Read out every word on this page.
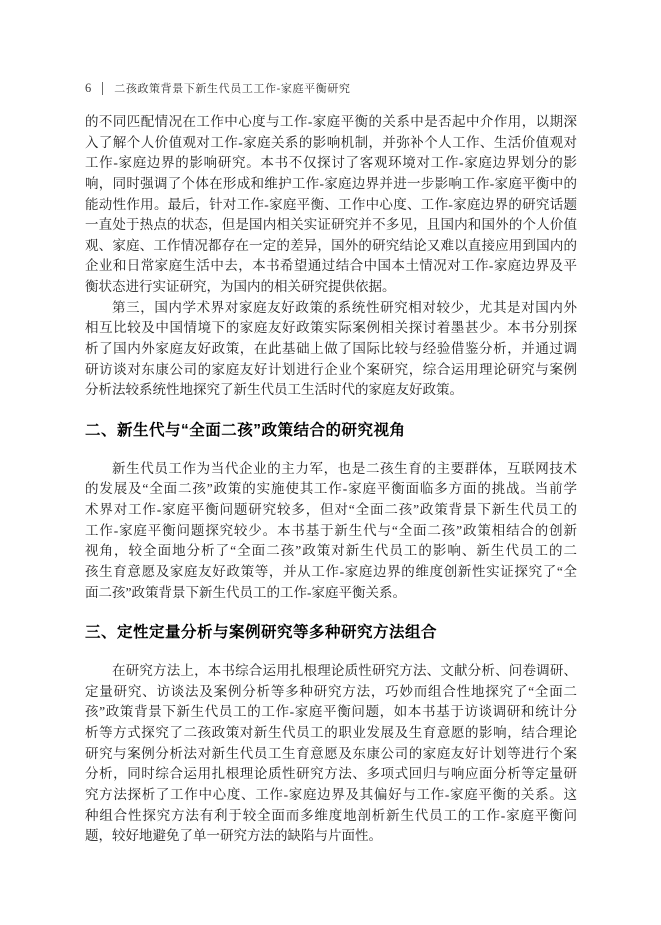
6 二孩政策背景下新生代员工工作-家庭平衡研究

的不同匹配情况在工作中心度与工作-家庭平衡的关系中是否起中介作用，以期深
入了解个人价值观对工作-家庭关系的影响机制，并弥补个人工作、生活价值观对
工作-家庭边界的影响研究。本书不仅探讨了客观环境对工作-家庭边界划分的影
响，同时强调了个体在形成和维护工作-家庭边界并进一步影响工作-家庭平衡中的
能动性作用。最后，针对工作-家庭平衡、工作中心度、工作-家庭边界的研究话题
一直处于热点的状态，但是国内相关实证研究并不多见，且国内和国外的个人价值
观、家庭、工作情况都存在一定的差异，国外的研究结论又难以直接应用到国内的
企业和日常家庭生活中去，本书希望通过结合中国本土情况对工作-家庭边界及平
衡状态进行实证研究，为国内的相关研究提供依据。

第三，国内学术界对家庭友好政策的系统性研究相对较少，尤其是对国内外
相互比较及中国情境下的家庭友好政策实际案例相关探讨着墨甚少。本书分别探
析了国内外家庭友好政策，在此基础上做了国际比较与经验借鉴分析，并通过调
研访谈对东康公司的家庭友好计划进行企业个案研究，综合运用理论研究与案例
分析法较系统性地探究了新生代员工生活时代的家庭友好政策。

二、新生代与“全面二孩”政策结合的研究视角

新生代员工作为当代企业的主力军，也是二孩生育的主要群体，互联网技术
的发展及“全面二孩”政策的实施使其工作-家庭平衡面临多方面的挑战。当前学
术界对工作-家庭平衡问题研究较多，但对“全面二孩”政策背景下新生代员工的
工作-家庭平衡问题探究较少。本书基于新生代与“全面二孩”政策相结合的创新
视角，较全面地分析了“全面二孩”政策对新生代员工的影响、新生代员工的二
孩生育意愿及家庭友好政策等，并从工作-家庭边界的维度创新性实证探究了“全
面二孩”政策背景下新生代员工的工作-家庭平衡关系。

三、定性定量分析与案例研究等多种研究方法组合

在研究方法上，本书综合运用扎根理论质性研究方法、文献分析、问卷调研、
定量研究、访谈法及案例分析等多种研究方法，巧妙而组合性地探究了“全面二
孩”政策背景下新生代员工的工作-家庭平衡问题，如本书基于访谈调研和统计分
析等方式探究了二孩政策对新生代员工的职业发展及生育意愿的影响，结合理论
研究与案例分析法对新生代员工生育意愿及东康公司的家庭友好计划等进行个案
分析，同时综合运用扎根理论质性研究方法、多项式回归与响应面分析等定量研
究方法探析了工作中心度、工作-家庭边界及其偏好与工作-家庭平衡的关系。这
种组合性探究方法有利于较全面而多维度地剖析新生代员工的工作-家庭平衡问
题，较好地避免了单一研究方法的缺陷与片面性。
